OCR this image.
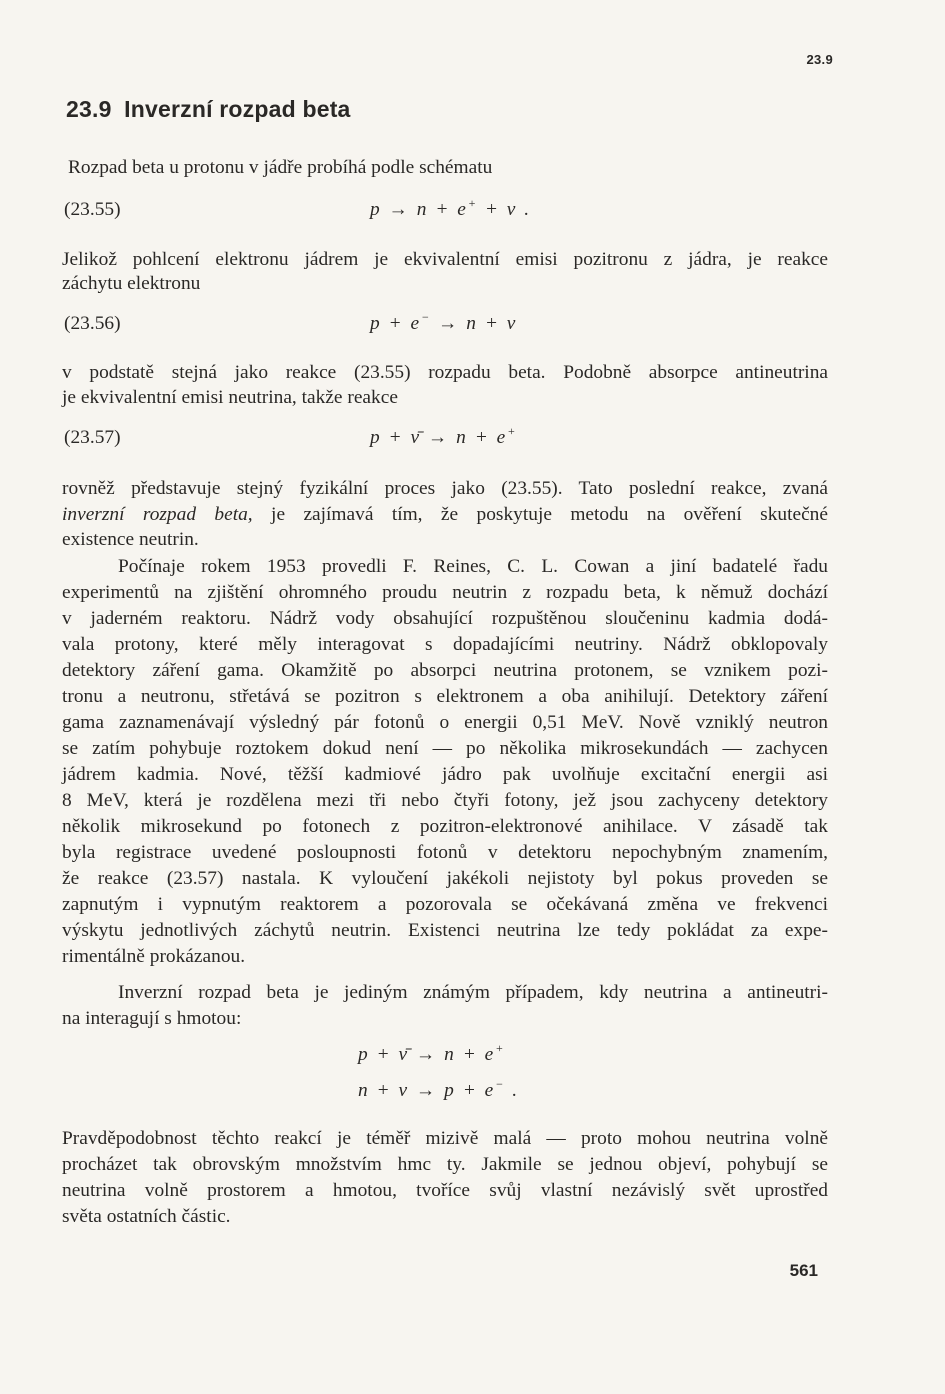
23.9
23.9 Inverzní rozpad beta
Rozpad beta u protonu v jádře probíhá podle schématu
(23.55)	p → n + e+ + ν .
Jelikož pohlcení elektronu jádrem je ekvivalentní emisi pozitronu z jádra, je reakce
záchytu elektronu
(23.56)	p + e− → n + ν
v podstatě stejná jako reakce (23.55) rozpadu beta. Podobně absorpce antineutrina
je ekvivalentní emisi neutrina, takže reakce
(23.57)	p + ν̄ → n + e+
rovněž představuje stejný fyzikální proces jako (23.55). Tato poslední reakce, zvaná
inverzní rozpad beta, je zajímavá tím, že poskytuje metodu na ověření skutečné
existence neutrin.
Počínaje rokem 1953 provedli F. Reines, C. L. Cowan a jiní badatelé řadu
experimentů na zjištění ohromného proudu neutrin z rozpadu beta, k němuž dochází
v jaderném reaktoru. Nádrž vody obsahující rozpuštěnou sloučeninu kadmia dodá-
vala protony, které měly interagovat s dopadajícími neutriny. Nádrž obklopovaly
detektory záření gama. Okamžitě po absorpci neutrina protonem, se vznikem pozi-
tronu a neutronu, střetává se pozitron s elektronem a oba anihilují. Detektory záření
gama zaznamenávají výsledný pár fotonů o energii 0,51 MeV. Nově vzniklý neutron
se zatím pohybuje roztokem dokud není — po několika mikrosekundách — zachycen
jádrem kadmia. Nové, těžší kadmiové jádro pak uvolňuje excitační energii asi
8 MeV, která je rozdělena mezi tři nebo čtyři fotony, jež jsou zachyceny detektory
několik mikrosekund po fotonech z pozitron-elektronové anihilace. V zásadě tak
byla registrace uvedené posloupnosti fotonů v detektoru nepochybným znamením,
že reakce (23.57) nastala. K vyloučení jakékoli nejistoty byl pokus proveden se
zapnutým i vypnutým reaktorem a pozorovala se očekávaná změna ve frekvenci
výskytu jednotlivých záchytů neutrin. Existenci neutrina lze tedy pokládat za expe-
rimentálně prokázanou.
Inverzní rozpad beta je jediným známým případem, kdy neutrina a antineutri-
na interagují s hmotou:
p + ν̄ → n + e+
n + ν → p + e− .
Pravděpodobnost těchto reakcí je téměř mizivě malá — proto mohou neutrina volně
procházet tak obrovským množstvím hmc ty. Jakmile se jednou objeví, pohybují se
neutrina volně prostorem a hmotou, tvoříce svůj vlastní nezávislý svět uprostřed
světa ostatních částic.
561
